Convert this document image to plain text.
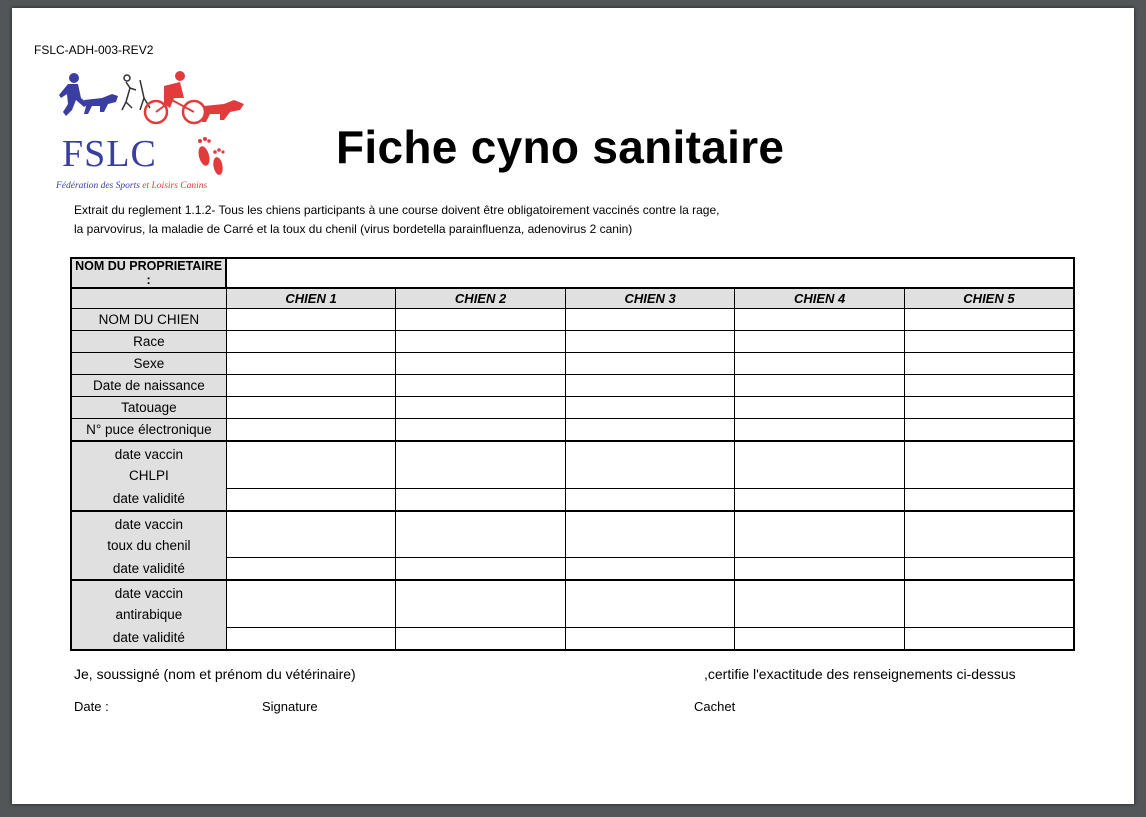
FSLC-ADH-003-REV2
FSLC
Fédération des Sports et Loisirs Canins
Fiche cyno sanitaire
Extrait du reglement 1.1.2- Tous les chiens participants à une course doivent être obligatoirement vaccinés contre la rage,
la parvovirus, la maladie de Carré et la toux du chenil (virus bordetella parainfluenza, adenovirus 2 canin)
NOM DU PROPRIETAIRE :					
	CHIEN 1	CHIEN 2	CHIEN 3	CHIEN 4	CHIEN 5
NOM DU CHIEN					
Race					
Sexe					
Date de naissance					
Tatouage					
N° puce électronique					

date vaccin
CHLPI					

date validité					

date vaccin
toux du chenil					

date validité					

date vaccin
antirabique					

date validité					
Je, soussigné (nom et prénom du vétérinaire)	,certifie l'exactitude des renseignements ci-dessus
Date :	Signature	Cachet
